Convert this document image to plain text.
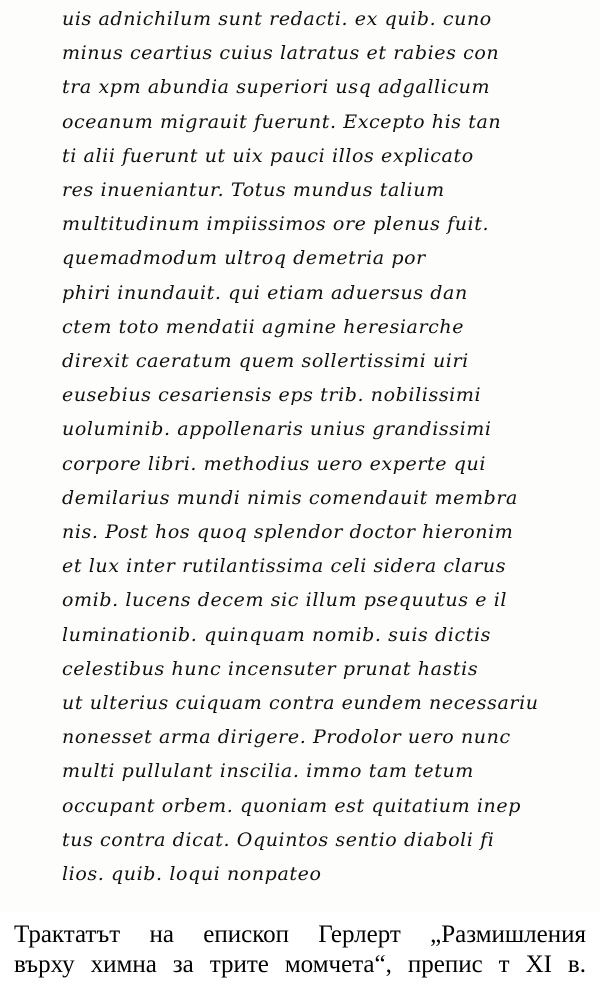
uis adnichilum sunt redacti. ex quib. cuno
minus ceartius cuius latratus et rabies con
tra xpm abundia superiori usq adgallicum
oceanum migrauit fuerunt. Excepto his tan
ti alii fuerunt ut uix pauci illos explicato
res inueniantur. Totus mundus talium
multitudinum impiissimos ore plenus fuit.
quemadmodum ultroq demetria por
phiri inundauit. qui etiam aduersus dan
ctem toto mendatii agmine heresiarche
direxit caeratum quem sollertissimi uiri
eusebius cesariensis eps trib. nobilissimi
uoluminib. appollenaris unius grandissimi
corpore libri. methodius uero experte qui
demilarius mundi nimis comendauit membra
nis. Post hos quoq splendor doctor hieronim
et lux inter rutilantissima celi sidera clarus
omib. lucens decem sic illum psequutus e il
luminationib. quinquam nomib. suis dictis
celestibus hunc incensuter prunat hastis
ut ulterius cuiquam contra eundem necessariu
nonesset arma dirigere. Prodolor uero nunc
multi pullulant inscilia. immo tam tetum
occupant orbem. quoniam est quitatium inep
tus contra dicat. Oquintos sentio diaboli fi
lios. quib. loqui nonpateo
Трактатът на епископ Герлерт „Размишления
върху химна за трите момчета“, препис т XI в.
